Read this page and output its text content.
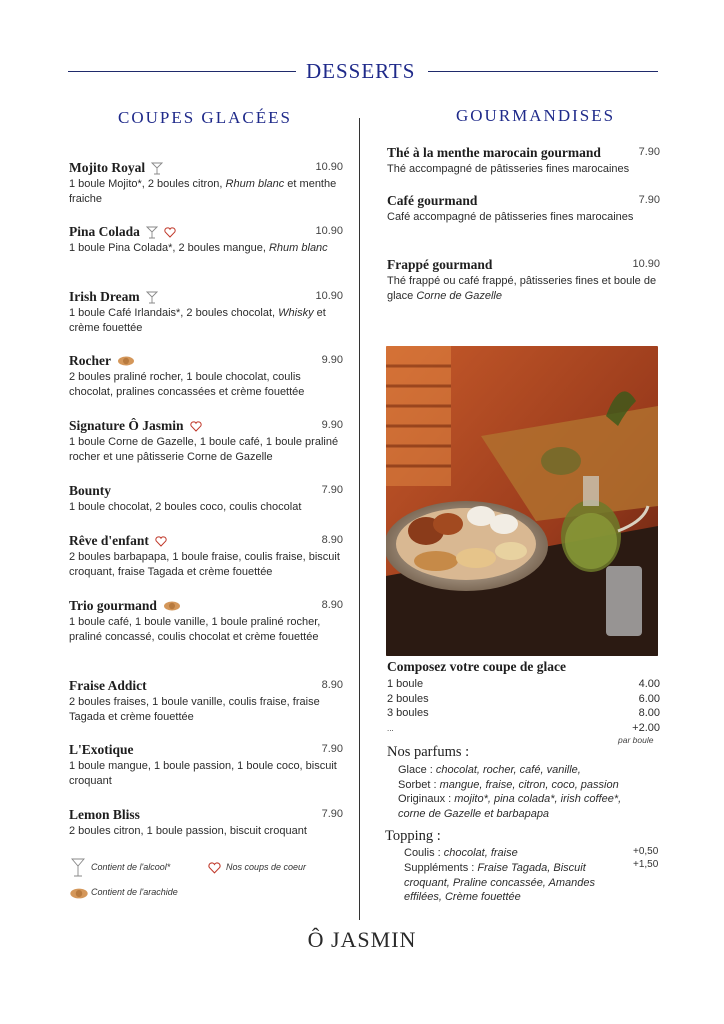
DESSERTS
COUPES GLACÉES
Mojito Royal	10.90
1 boule Mojito*, 2 boules citron, Rhum blanc et menthe fraiche
Pina Colada	10.90
1 boule Pina Colada*, 2 boules mangue, Rhum blanc
Irish Dream	10.90
1 boule Café Irlandais*, 2 boules chocolat, Whisky et crème fouettée
Rocher	9.90
2 boules praliné rocher, 1 boule chocolat, coulis chocolat, pralines concassées et crème fouettée
Signature Ô Jasmin	9.90
1 boule Corne de Gazelle, 1 boule café, 1 boule praliné rocher et une pâtisserie Corne de Gazelle
Bounty	7.90
1 boule chocolat, 2 boules coco, coulis chocolat
Rêve d'enfant	8.90
2 boules barbapapa, 1 boule fraise, coulis fraise, biscuit croquant, fraise Tagada et crème fouettée
Trio gourmand	8.90
1 boule café, 1 boule vanille, 1 boule praliné rocher, praliné concassé, coulis chocolat et crème fouettée
Fraise Addict	8.90
2 boules fraises, 1 boule vanille, coulis fraise, fraise Tagada et crème fouettée
L'Exotique	7.90
1 boule mangue, 1 boule passion, 1 boule coco, biscuit croquant
Lemon Bliss	7.90
2 boules citron, 1 boule passion, biscuit croquant
Contient de l'alcool*	Nos coups de coeur
Contient de l'arachide
GOURMANDISES
Thé à la menthe marocain gourmand	7.90
Thé accompagné de pâtisseries fines marocaines
Café gourmand	7.90
Café accompagné de pâtisseries fines marocaines
Frappé gourmand	10.90
Thé frappé ou café frappé, pâtisseries fines et boule de glace Corne de Gazelle
Composez votre coupe de glace
1 boule	4.00
2 boules	6.00
3 boules	8.00
...	+2.00
par boule
Nos parfums :
Glace : chocolat, rocher, café, vanille,
Sorbet : mangue, fraise, citron, coco, passion
Originaux : mojito*, pina colada*, irish coffee*, corne de Gazelle et barbapapa
Topping :
Coulis : chocolat, fraise	+0,50
Suppléments : Fraise Tagada, Biscuit croquant, Praline concassée, Amandes effilées, Crème fouettée
+1,50
Ô JASMIN
